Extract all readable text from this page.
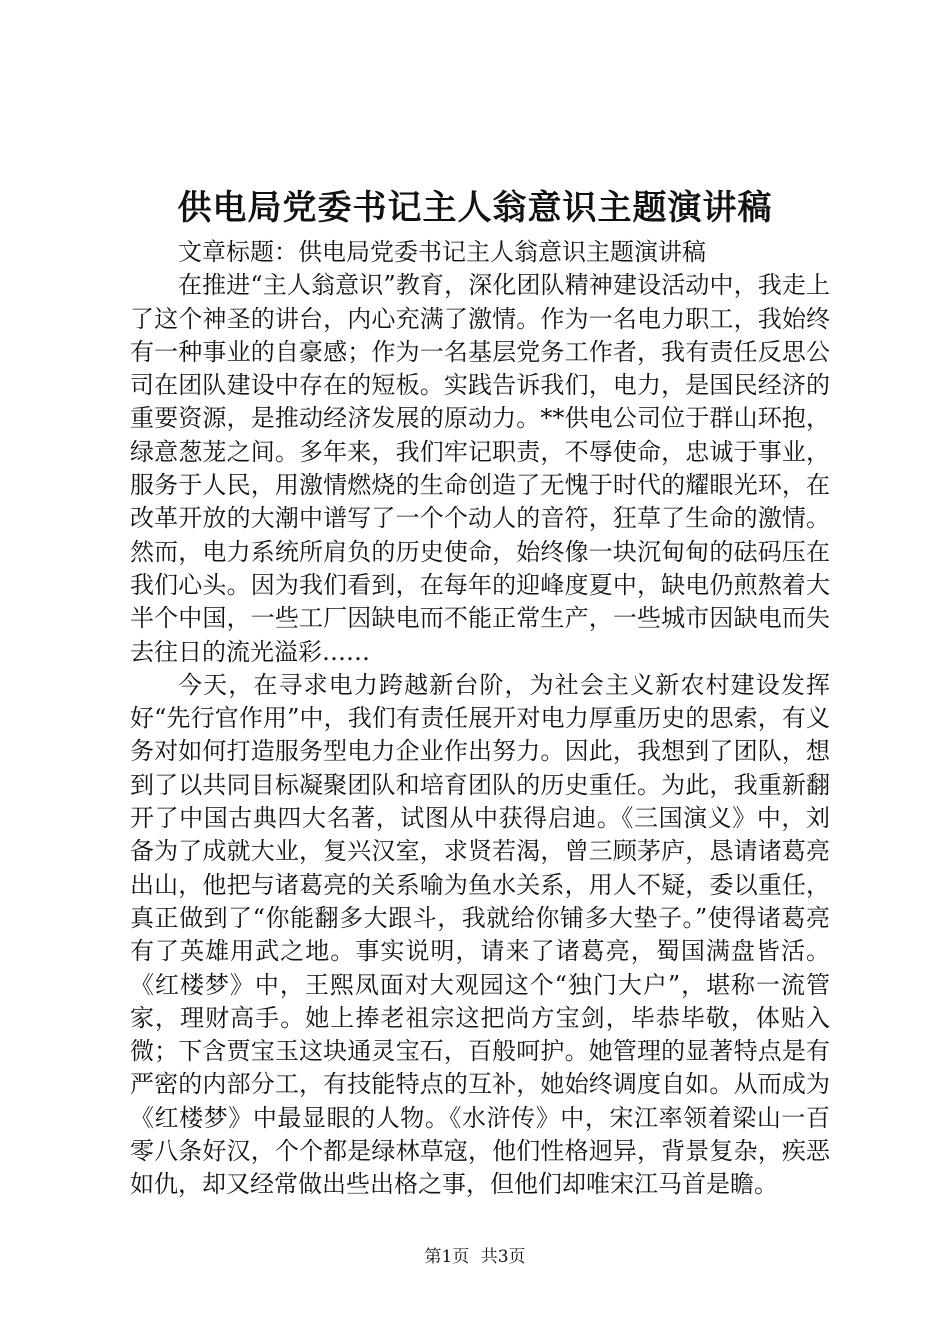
供电局党委书记主人翁意识主题演讲稿

文章标题：供电局党委书记主人翁意识主题演讲稿

在推进“主人翁意识”教育，深化团队精神建设活动中，我走上了这个神圣的讲台，内心充满了激情。作为一名电力职工，我始终有一种事业的自豪感；作为一名基层党务工作者，我有责任反思公司在团队建设中存在的短板。实践告诉我们，电力，是国民经济的重要资源，是推动经济发展的原动力。**供电公司位于群山环抱，绿意葱茏之间。多年来，我们牢记职责，不辱使命，忠诚于事业，服务于人民，用激情燃烧的生命创造了无愧于时代的耀眼光环，在改革开放的大潮中谱写了一个个动人的音符，狂草了生命的激情。然而，电力系统所肩负的历史使命，始终像一块沉甸甸的砝码压在我们心头。因为我们看到，在每年的迎峰度夏中，缺电仍煎熬着大半个中国，一些工厂因缺电而不能正常生产，一些城市因缺电而失去往日的流光溢彩……

今天，在寻求电力跨越新台阶，为社会主义新农村建设发挥好“先行官作用”中，我们有责任展开对电力厚重历史的思索，有义务对如何打造服务型电力企业作出努力。因此，我想到了团队，想到了以共同目标凝聚团队和培育团队的历史重任。为此，我重新翻开了中国古典四大名著，试图从中获得启迪。《三国演义》中，刘备为了成就大业，复兴汉室，求贤若渴，曾三顾茅庐，恳请诸葛亮出山，他把与诸葛亮的关系喻为鱼水关系，用人不疑，委以重任，真正做到了“你能翻多大跟斗，我就给你铺多大垫子。”使得诸葛亮有了英雄用武之地。事实说明，请来了诸葛亮，蜀国满盘皆活。《红楼梦》中，王熙凤面对大观园这个“独门大户”，堪称一流管家，理财高手。她上捧老祖宗这把尚方宝剑，毕恭毕敬，体贴入微；下含贾宝玉这块通灵宝石，百般呵护。她管理的显著特点是有严密的内部分工，有技能特点的互补，她始终调度自如。从而成为《红楼梦》中最显眼的人物。《水浒传》中，宋江率领着梁山一百零八条好汉，个个都是绿林草寇，他们性格迥异，背景复杂，疾恶如仇，却又经常做出些出格之事，但他们却唯宋江马首是瞻。

第1页 共3页
